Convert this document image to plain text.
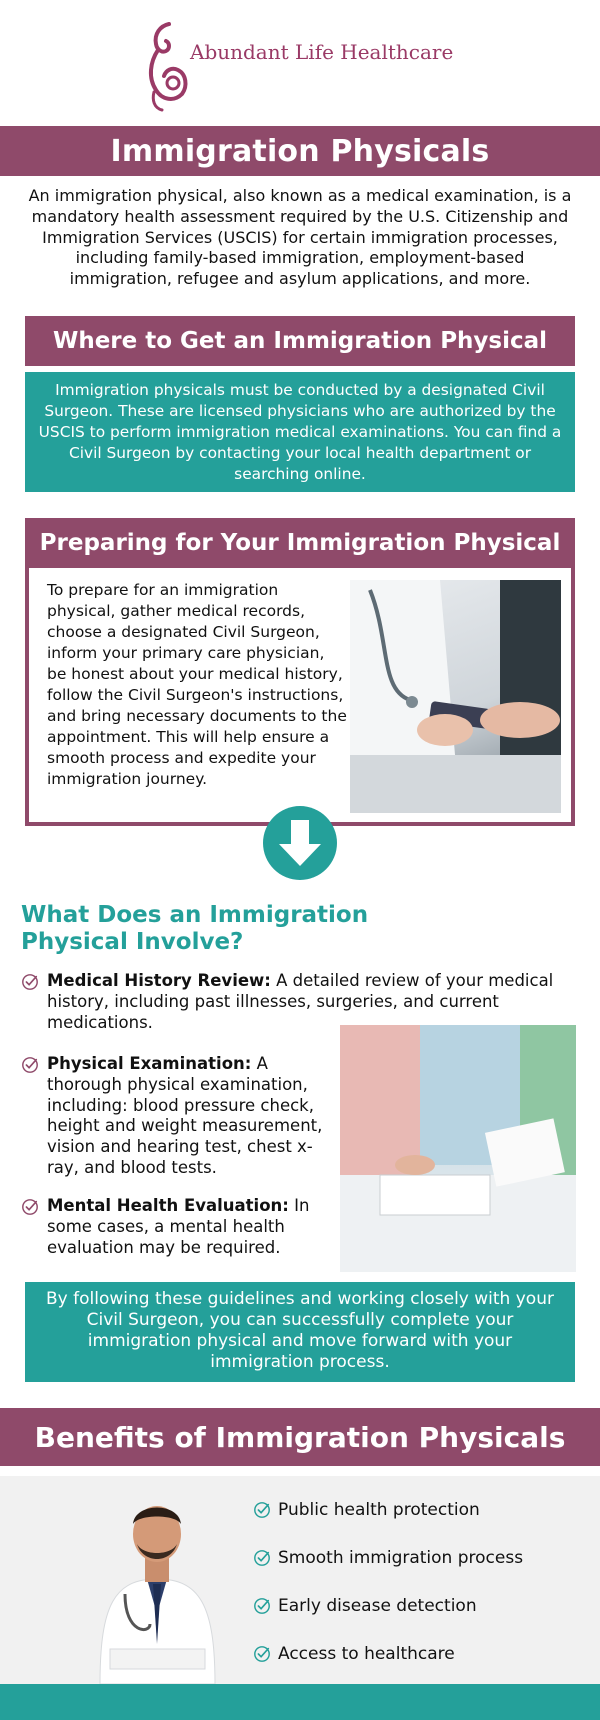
Abundant Life Healthcare
Immigration Physicals

An immigration physical, also known as a medical examination, is a mandatory health assessment required by the U.S. Citizenship and Immigration Services (USCIS) for certain immigration processes, including family-based immigration, employment-based immigration, refugee and asylum applications, and more.

Where to Get an Immigration Physical

Immigration physicals must be conducted by a designated Civil Surgeon. These are licensed physicians who are authorized by the USCIS to perform immigration medical examinations. You can find a Civil Surgeon by contacting your local health department or searching online.

Preparing for Your Immigration Physical

To prepare for an immigration physical, gather medical records, choose a designated Civil Surgeon, inform your primary care physician, be honest about your medical history, follow the Civil Surgeon's instructions, and bring necessary documents to the appointment. This will help ensure a smooth process and expedite your immigration journey.

What Does an Immigration Physical Involve?
Medical History Review: A detailed review of your medical history, including past illnesses, surgeries, and current medications.
Physical Examination: A thorough physical examination, including: blood pressure check, height and weight measurement, vision and hearing test, chest x-ray, and blood tests.
Mental Health Evaluation: In some cases, a mental health evaluation may be required.

By following these guidelines and working closely with your Civil Surgeon, you can successfully complete your immigration physical and move forward with your immigration process.

Benefits of Immigration Physicals
Public health protection
Smooth immigration process
Early disease detection
Access to healthcare
